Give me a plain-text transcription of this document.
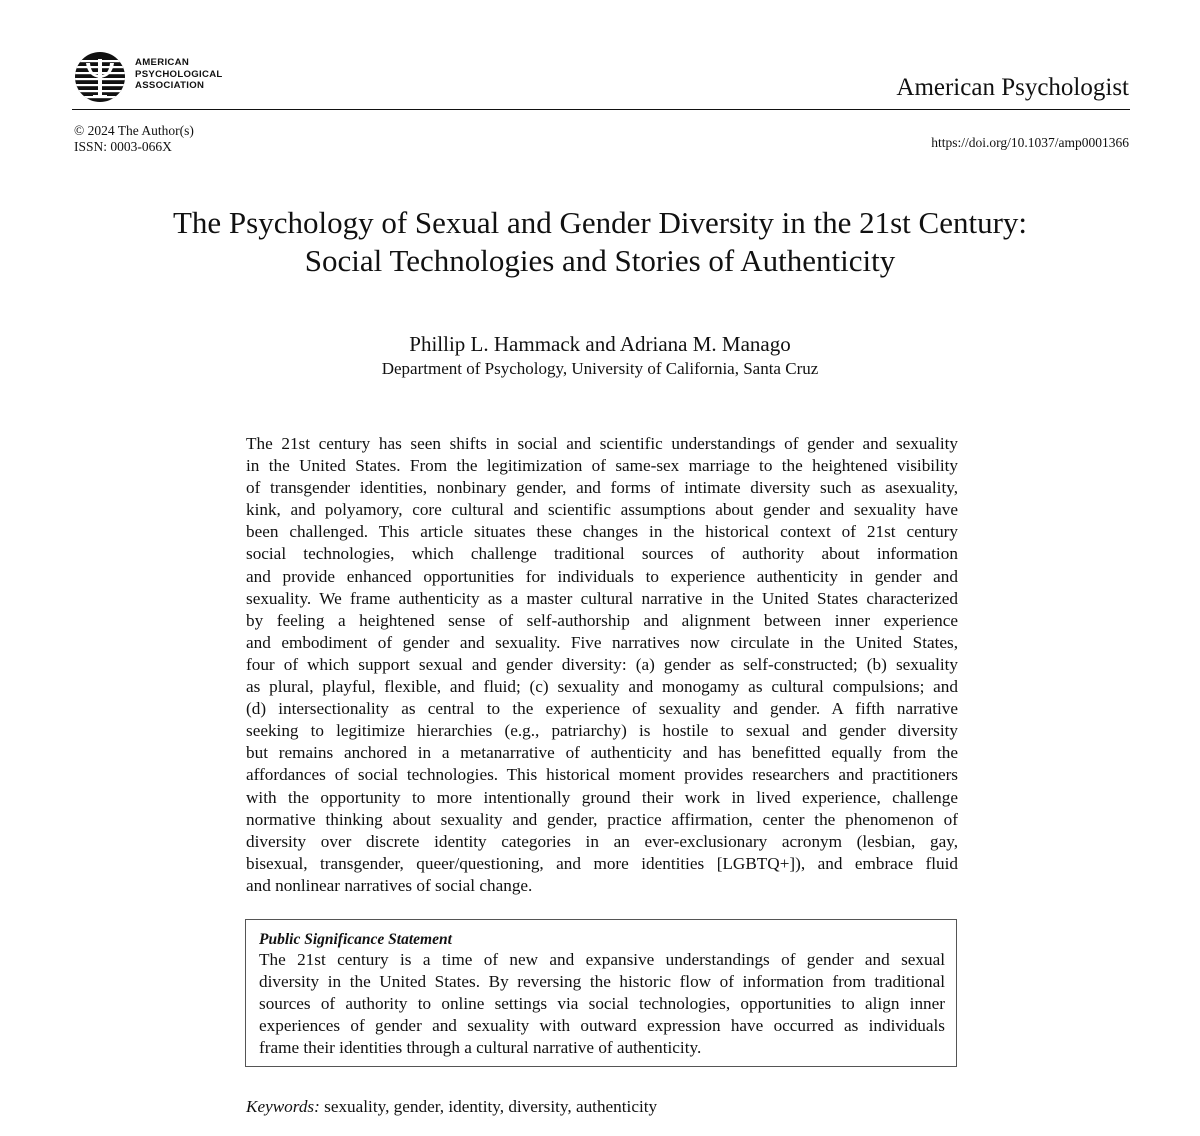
AMERICAN
PSYCHOLOGICAL
ASSOCIATION	American Psychologist
© 2024 The Author(s)
ISSN: 0003-066X	https://doi.org/10.1037/amp0001366
The Psychology of Sexual and Gender Diversity in the 21st Century:
Social Technologies and Stories of Authenticity
Phillip L. Hammack and Adriana M. Manago
Department of Psychology, University of California, Santa Cruz
The 21st century has seen shifts in social and scientific understandings of gender and sexuality
in the United States. From the legitimization of same-sex marriage to the heightened visibility
of transgender identities, nonbinary gender, and forms of intimate diversity such as asexuality,
kink, and polyamory, core cultural and scientific assumptions about gender and sexuality have
been challenged. This article situates these changes in the historical context of 21st century
social technologies, which challenge traditional sources of authority about information
and provide enhanced opportunities for individuals to experience authenticity in gender and
sexuality. We frame authenticity as a master cultural narrative in the United States characterized
by feeling a heightened sense of self-authorship and alignment between inner experience
and embodiment of gender and sexuality. Five narratives now circulate in the United States,
four of which support sexual and gender diversity: (a) gender as self-constructed; (b) sexuality
as plural, playful, flexible, and fluid; (c) sexuality and monogamy as cultural compulsions; and
(d) intersectionality as central to the experience of sexuality and gender. A fifth narrative
seeking to legitimize hierarchies (e.g., patriarchy) is hostile to sexual and gender diversity
but remains anchored in a metanarrative of authenticity and has benefitted equally from the
affordances of social technologies. This historical moment provides researchers and practitioners
with the opportunity to more intentionally ground their work in lived experience, challenge
normative thinking about sexuality and gender, practice affirmation, center the phenomenon of
diversity over discrete identity categories in an ever-exclusionary acronym (lesbian, gay,
bisexual, transgender, queer/questioning, and more identities [LGBTQ+]), and embrace fluid
and nonlinear narratives of social change.
Public Significance Statement
The 21st century is a time of new and expansive understandings of gender and sexual
diversity in the United States. By reversing the historic flow of information from traditional
sources of authority to online settings via social technologies, opportunities to align inner
experiences of gender and sexuality with outward expression have occurred as individuals
frame their identities through a cultural narrative of authenticity.
Keywords: sexuality, gender, identity, diversity, authenticity
